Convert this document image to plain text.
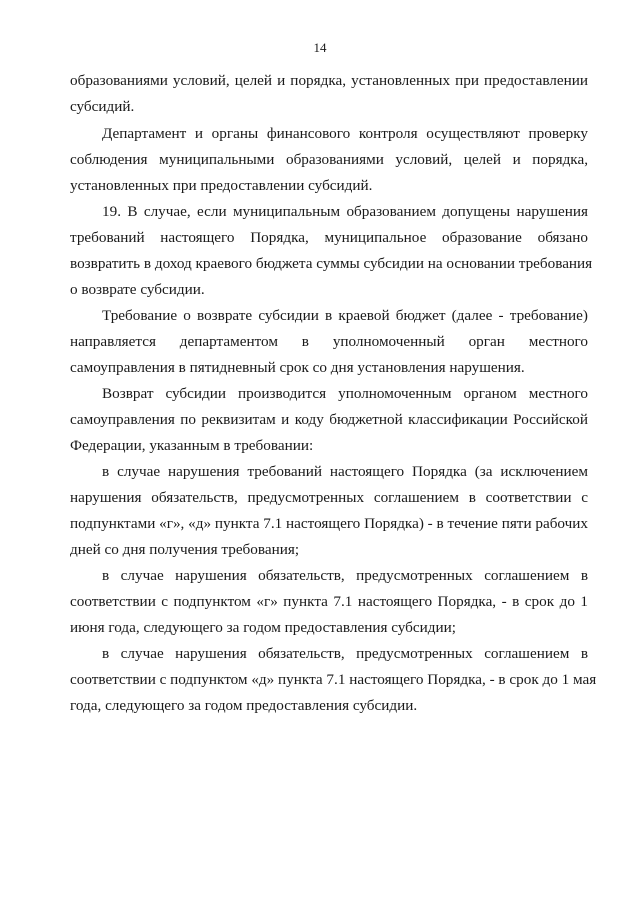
14
образованиями условий, целей и порядка, установленных при предоставлении
субсидий.
Департамент и органы финансового контроля осуществляют проверку
соблюдения муниципальными образованиями условий, целей и порядка,
установленных при предоставлении субсидий.
19. В случае, если муниципальным образованием допущены нарушения
требований настоящего Порядка, муниципальное образование обязано
возвратить в доход краевого бюджета суммы субсидии на основании требования
о возврате субсидии.
Требование о возврате субсидии в краевой бюджет (далее - требование)
направляется департаментом в уполномоченный орган местного
самоуправления в пятидневный срок со дня установления нарушения.
Возврат субсидии производится уполномоченным органом местного
самоуправления по реквизитам и коду бюджетной классификации Российской
Федерации, указанным в требовании:
в случае нарушения требований настоящего Порядка (за исключением
нарушения обязательств, предусмотренных соглашением в соответствии с
подпунктами «г», «д» пункта 7.1 настоящего Порядка) - в течение пяти рабочих
дней со дня получения требования;
в случае нарушения обязательств, предусмотренных соглашением в
соответствии с подпунктом «г» пункта 7.1 настоящего Порядка, - в срок до 1
июня года, следующего за годом предоставления субсидии;
в случае нарушения обязательств, предусмотренных соглашением в
соответствии с подпунктом «д» пункта 7.1 настоящего Порядка, - в срок до 1 мая
года, следующего за годом предоставления субсидии.
